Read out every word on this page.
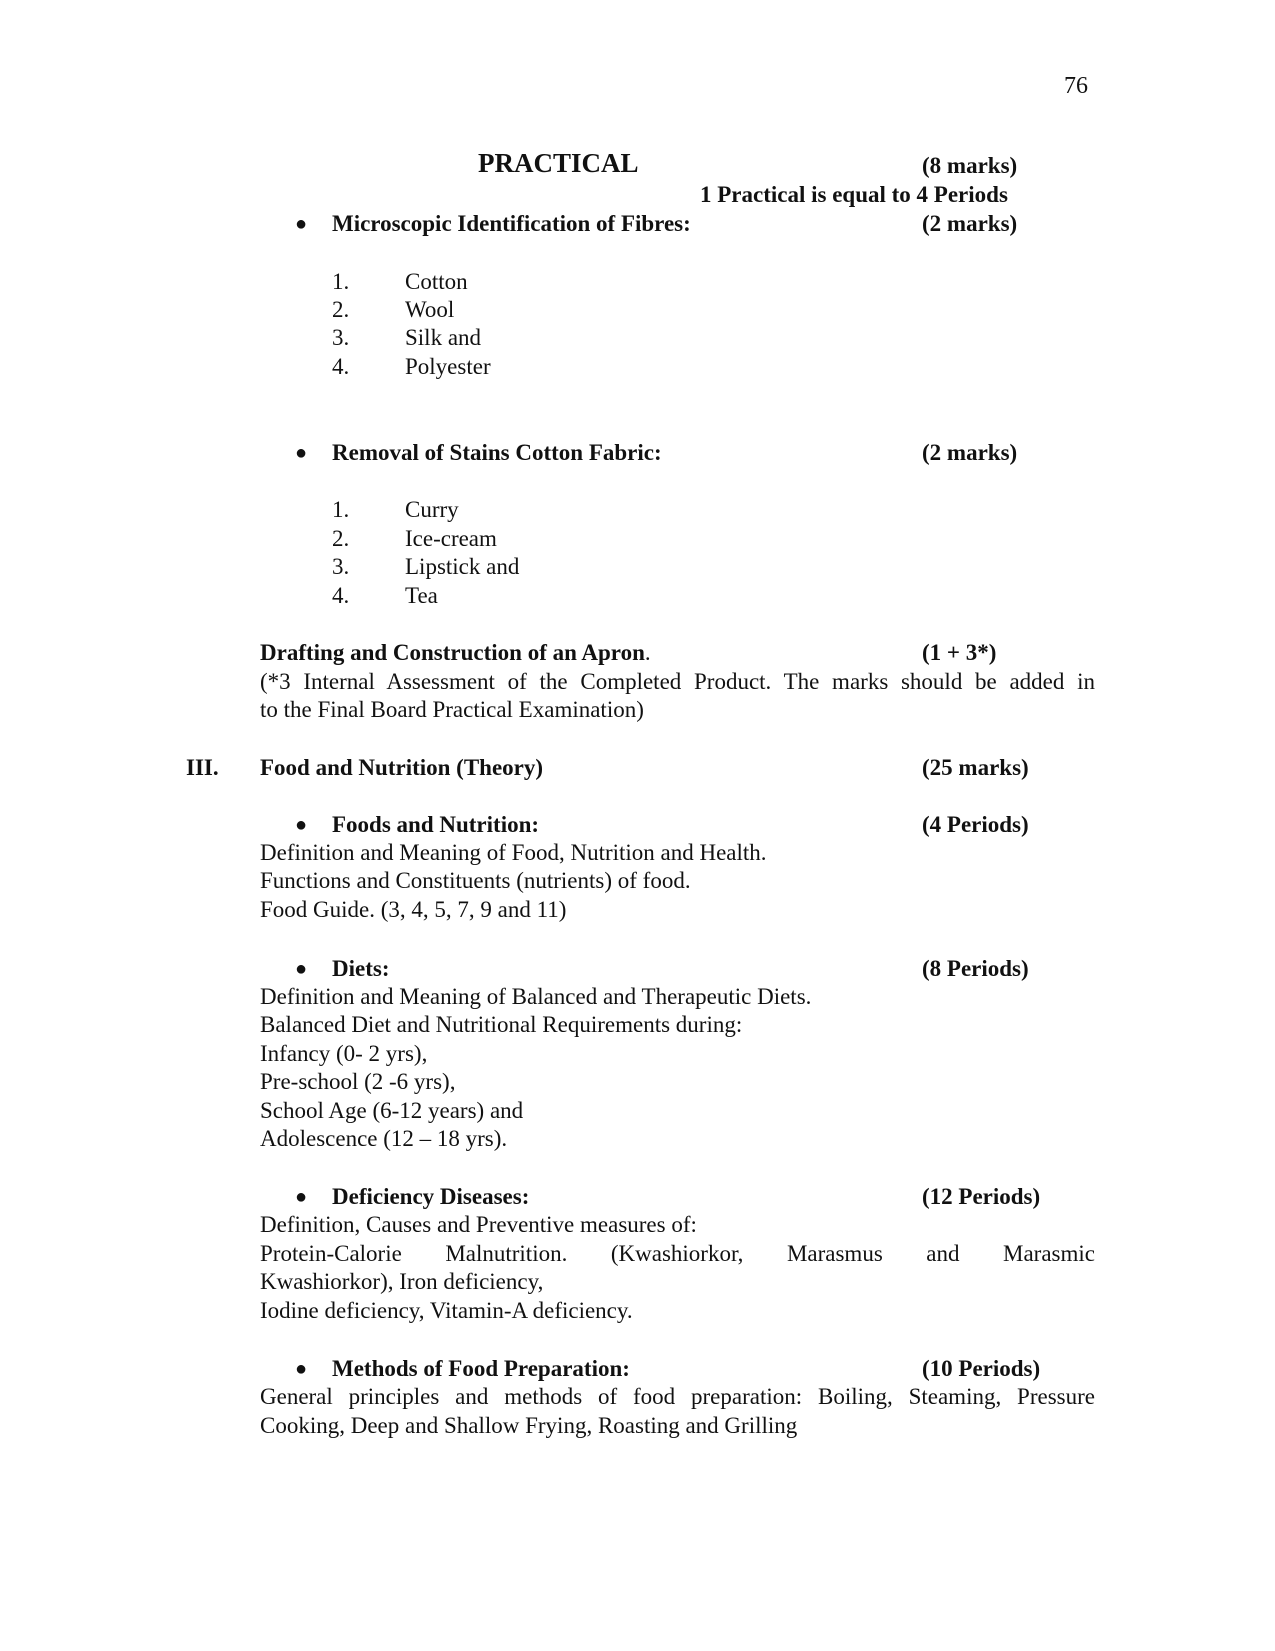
76
PRACTICAL	(8 marks)
1 Practical is equal to 4 Periods
● Microscopic Identification of Fibres:	(2 marks)
1. Cotton
2. Wool
3. Silk and
4. Polyester
● Removal of Stains Cotton Fabric:	(2 marks)
1. Curry
2. Ice-cream
3. Lipstick and
4. Tea
Drafting and Construction of an Apron.	(1 + 3*)
(*3 Internal Assessment of the Completed Product. The marks should be added in
to the Final Board Practical Examination)
III. Food and Nutrition (Theory)	(25 marks)
● Foods and Nutrition:	(4 Periods)
Definition and Meaning of Food, Nutrition and Health.
Functions and Constituents (nutrients) of food.
Food Guide. (3, 4, 5, 7, 9 and 11)
● Diets:	(8 Periods)
Definition and Meaning of Balanced and Therapeutic Diets.
Balanced Diet and Nutritional Requirements during:
Infancy (0- 2 yrs),
Pre-school (2 -6 yrs),
School Age (6-12 years) and
Adolescence (12 – 18 yrs).
● Deficiency Diseases:	(12 Periods)
Definition, Causes and Preventive measures of:
Protein-Calorie Malnutrition. (Kwashiorkor, Marasmus and Marasmic
Kwashiorkor), Iron deficiency,
Iodine deficiency, Vitamin-A deficiency.
● Methods of Food Preparation:	(10 Periods)
General principles and methods of food preparation: Boiling, Steaming, Pressure
Cooking, Deep and Shallow Frying, Roasting and Grilling
